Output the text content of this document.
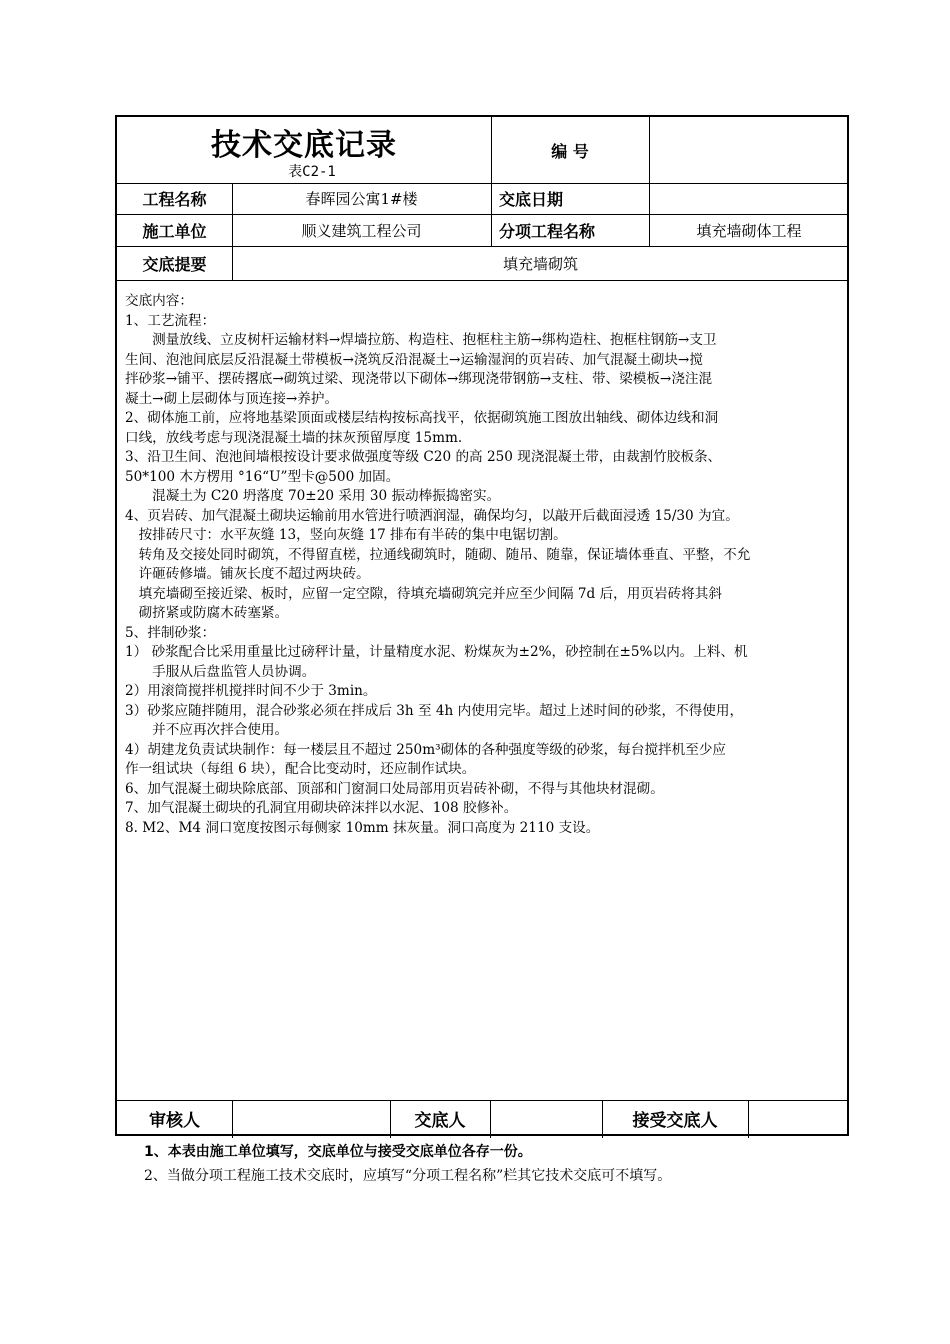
技术交底记录
表C2-1
编 号
工程名称	春晖园公寓1#楼	交底日期
施工单位	顺义建筑工程公司	分项工程名称	填充墙砌体工程
交底提要	填充墙砌筑
交底内容：
1、工艺流程：
　　测量放线、立皮树杆运输材料→焊墙拉筋、构造柱、抱框柱主筋→绑构造柱、抱框柱钢筋→支卫
生间、泡池间底层反沿混凝土带模板→浇筑反沿混凝土→运输湿润的页岩砖、加气混凝土砌块→搅
拌砂浆→铺平、摆砖撂底→砌筑过梁、现浇带以下砌体→绑现浇带钢筋→支柱、带、梁模板→浇注混
凝土→砌上层砌体与顶连接→养护。
2、砌体施工前，应将地基梁顶面或楼层结构按标高找平，依据砌筑施工图放出轴线、砌体边线和洞
口线，放线考虑与现浇混凝土墙的抹灰预留厚度 15mm.
3、沿卫生间、泡池间墙根按设计要求做强度等级 C20 的高 250 现浇混凝土带，由裁割竹胶板条、
50*100 木方楞用 °16“U”型卡@500 加固。
　　混凝土为 C20 坍落度 70±20 采用 30 振动棒振捣密实。
4、页岩砖、加气混凝土砌块运输前用水管进行喷洒润湿，确保均匀，以敲开后截面浸透 15/30 为宜。
　按排砖尺寸：水平灰缝 13，竖向灰缝 17 排布有半砖的集中电锯切割。
　转角及交接处同时砌筑，不得留直槎，拉通线砌筑时，随砌、随吊、随靠，保证墙体垂直、平整，不允
　许砸砖修墙。铺灰长度不超过两块砖。
　填充墙砌至接近梁、板时，应留一定空隙，待填充墙砌筑完并应至少间隔 7d 后，用页岩砖将其斜
　砌挤紧或防腐木砖塞紧。
5、拌制砂浆：
1） 砂浆配合比采用重量比过磅秤计量，计量精度水泥、粉煤灰为±2%，砂控制在±5%以内。上料、机
　　手服从后盘监管人员协调。
2）用滚筒搅拌机搅拌时间不少于 3min。
3）砂浆应随拌随用，混合砂浆必须在拌成后 3h 至 4h 内使用完毕。超过上述时间的砂浆，不得使用，
　　并不应再次拌合使用。
4）胡建龙负责试块制作：每一楼层且不超过 250m³砌体的各种强度等级的砂浆，每台搅拌机至少应
作一组试块（每组 6 块），配合比变动时，还应制作试块。
6、加气混凝土砌块除底部、顶部和门窗洞口处局部用页岩砖补砌，不得与其他块材混砌。
7、加气混凝土砌块的孔洞宜用砌块碎沫拌以水泥、108 胶修补。
8. M2、M4 洞口宽度按图示每侧家 10mm 抹灰量。洞口高度为 2110 支设。
审核人	交底人	接受交底人
1、本表由施工单位填写，交底单位与接受交底单位各存一份。
2、当做分项工程施工技术交底时，应填写“分项工程名称”栏其它技术交底可不填写。
